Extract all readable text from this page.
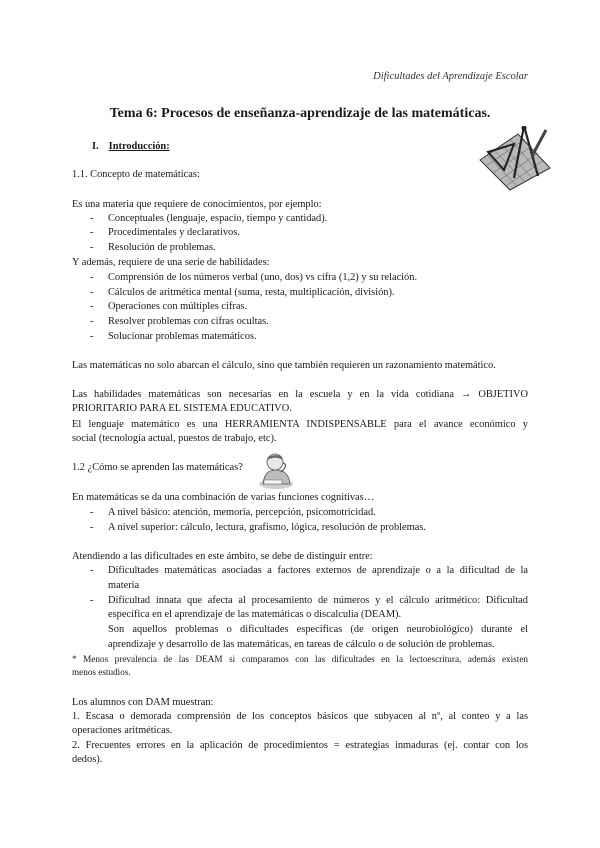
Dificultades del Aprendizaje Escolar
Tema 6: Procesos de enseñanza-aprendizaje de las matemáticas.
I. Introducción:
1.1. Concepto de matemáticas:
Es una materia que requiere de conocimientos, por ejemplo:
- Conceptuales (lenguaje, espacio, tiempo y cantidad).
- Procedimentales y declarativos.
- Resolución de problemas.
Y además, requiere de una serie de habilidades:
- Comprensión de los números verbal (uno, dos) vs cifra (1,2) y su relación.
- Cálculos de aritmética mental (suma, resta, multiplicación, división).
- Operaciones con múltiples cifras.
- Resolver problemas con cifras ocultas.
- Solucionar problemas matemáticos.
Las matemáticas no solo abarcan el cálculo, sino que también requieren un razonamiento matemático.
Las habilidades matemáticas son necesarias en la escuela y en la vida cotidiana → OBJETIVO
PRIORITARIO PARA EL SISTEMA EDUCATIVO.
El lenguaje matemático es una HERRAMIENTA INDISPENSABLE para el avance económico y
social (tecnología actual, puestos de trabajo, etc).
1.2 ¿Cómo se aprenden las matemáticas?
En matemáticas se da una combinación de varias funciones cognitivas…
- A nivel básico: atención, memoria, percepción, psicomotricidad.
- A nivel superior: cálculo, lectura, grafismo, lógica, resolución de problemas.
Atendiendo a las dificultades en este ámbito, se debe de distinguir entre:
- Dificultades matemáticas asociadas a factores externos de aprendizaje o a la dificultad de la
materia
- Dificultad innata que afecta al procesamiento de números y el cálculo aritmético: Dificultad
específica en el aprendizaje de las matemáticas o discalculia (DEAM).
Son aquellos problemas o dificultades específicas (de origen neurobiológico) durante el
aprendizaje y desarrollo de las matemáticas, en tareas de cálculo o de solución de problemas.
* Menos prevalencia de las DEAM si comparamos con las dificultades en la lectoescritura, además existen
menos estudios.
Los alumnos con DAM muestran:
1. Escasa o demorada comprensión de los conceptos básicos que subyacen al nº, al conteo y a las
operaciones aritméticas.
2. Frecuentes errores en la aplicación de procedimientos = estrategias inmaduras (ej. contar con los
dedos).
